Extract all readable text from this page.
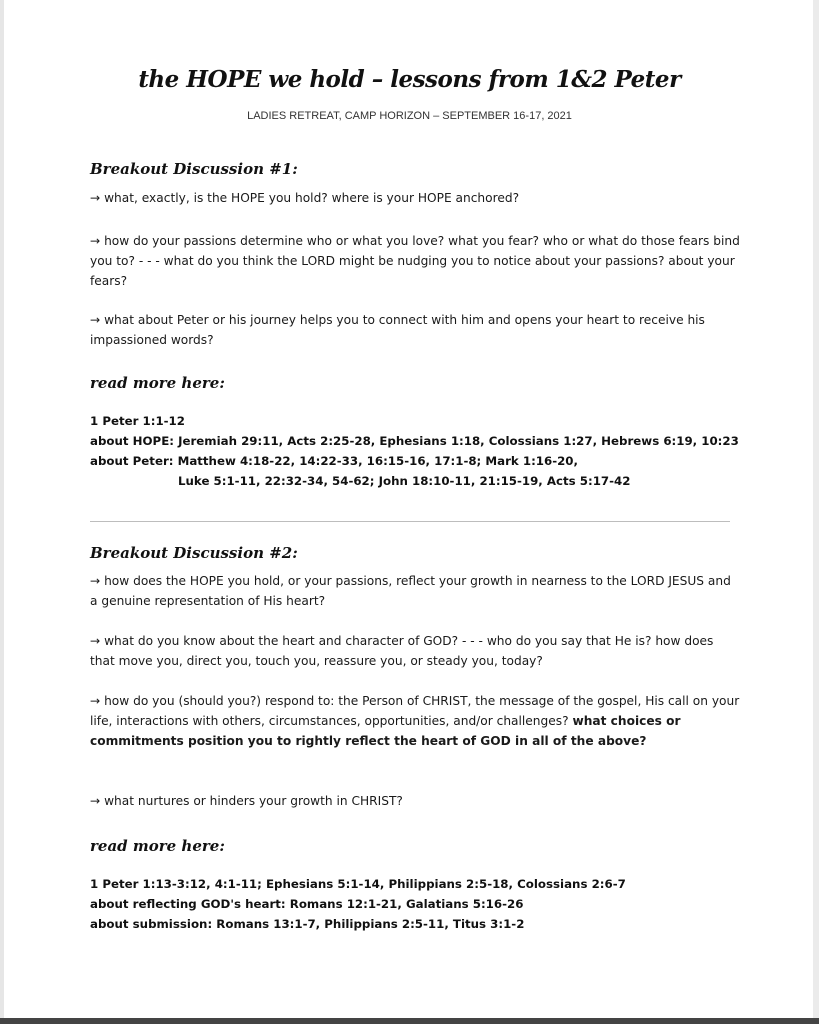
the HOPE we hold – lessons from 1&2 Peter
LADIES RETREAT, CAMP HORIZON – SEPTEMBER 16-17, 2021
Breakout Discussion #1:

→ what, exactly, is the HOPE you hold? where is your HOPE anchored?

→ how do your passions determine who or what you love? what you fear? who or what do those fears bind you to? - - - what do you think the LORD might be nudging you to notice about your passions? about your fears?

→ what about Peter or his journey helps you to connect with him and opens your heart to receive his impassioned words?

read more here:
1 Peter 1:1-12
about HOPE: Jeremiah 29:11, Acts 2:25-28, Ephesians 1:18, Colossians 1:27, Hebrews 6:19, 10:23
about Peter: Matthew 4:18-22, 14:22-33, 16:15-16, 17:1-8; Mark 1:16-20,
Luke 5:1-11, 22:32-34, 54-62; John 18:10-11, 21:15-19, Acts 5:17-42
Breakout Discussion #2:

→ how does the HOPE you hold, or your passions, reflect your growth in nearness to the LORD JESUS and a genuine representation of His heart?

→ what do you know about the heart and character of GOD? - - - who do you say that He is? how does that move you, direct you, touch you, reassure you, or steady you, today?

→ how do you (should you?) respond to: the Person of CHRIST, the message of the gospel, His call on your life, interactions with others, circumstances, opportunities, and/or challenges? what choices or commitments position you to rightly reflect the heart of GOD in all of the above?

→ what nurtures or hinders your growth in CHRIST?

read more here:
1 Peter 1:13-3:12, 4:1-11; Ephesians 5:1-14, Philippians 2:5-18, Colossians 2:6-7
about reflecting GOD's heart: Romans 12:1-21, Galatians 5:16-26
about submission: Romans 13:1-7, Philippians 2:5-11, Titus 3:1-2
